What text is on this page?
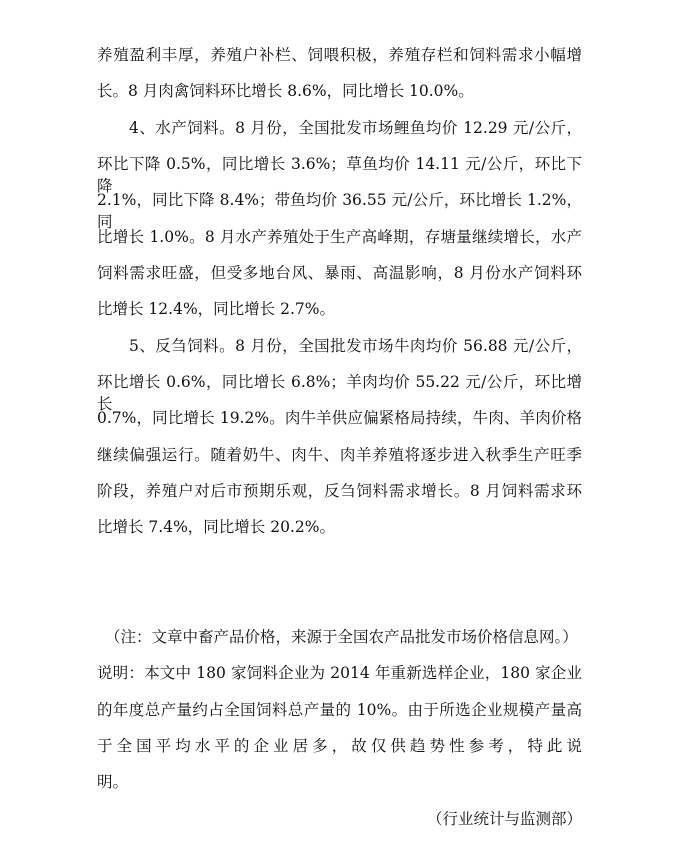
养殖盈利丰厚，养殖户补栏、饲喂积极，养殖存栏和饲料需求小幅增
长。8 月肉禽饲料环比增长 8.6%，同比增长 10.0%。
4、水产饲料。8 月份，全国批发市场鲤鱼均价 12.29 元/公斤，
环比下降 0.5%，同比增长 3.6%；草鱼均价 14.11 元/公斤，环比下降
2.1%，同比下降 8.4%；带鱼均价 36.55 元/公斤，环比增长 1.2%，同
比增长 1.0%。8 月水产养殖处于生产高峰期，存塘量继续增长，水产
饲料需求旺盛，但受多地台风、暴雨、高温影响，8 月份水产饲料环
比增长 12.4%，同比增长 2.7%。
5、反刍饲料。8 月份，全国批发市场牛肉均价 56.88 元/公斤，
环比增长 0.6%，同比增长 6.8%；羊肉均价 55.22 元/公斤，环比增长
0.7%，同比增长 19.2%。肉牛羊供应偏紧格局持续，牛肉、羊肉价格
继续偏强运行。随着奶牛、肉牛、肉羊养殖将逐步进入秋季生产旺季
阶段，养殖户对后市预期乐观，反刍饲料需求增长。8 月饲料需求环
比增长 7.4%，同比增长 20.2%。
（注：文章中畜产品价格，来源于全国农产品批发市场价格信息网。）
说明：本文中 180 家饲料企业为 2014 年重新选样企业，180 家企业
的年度总产量约占全国饲料总产量的 10%。由于所选企业规模产量高
于全国平均水平的企业居多，故仅供趋势性参考，特此说
明。
（行业统计与监测部）
